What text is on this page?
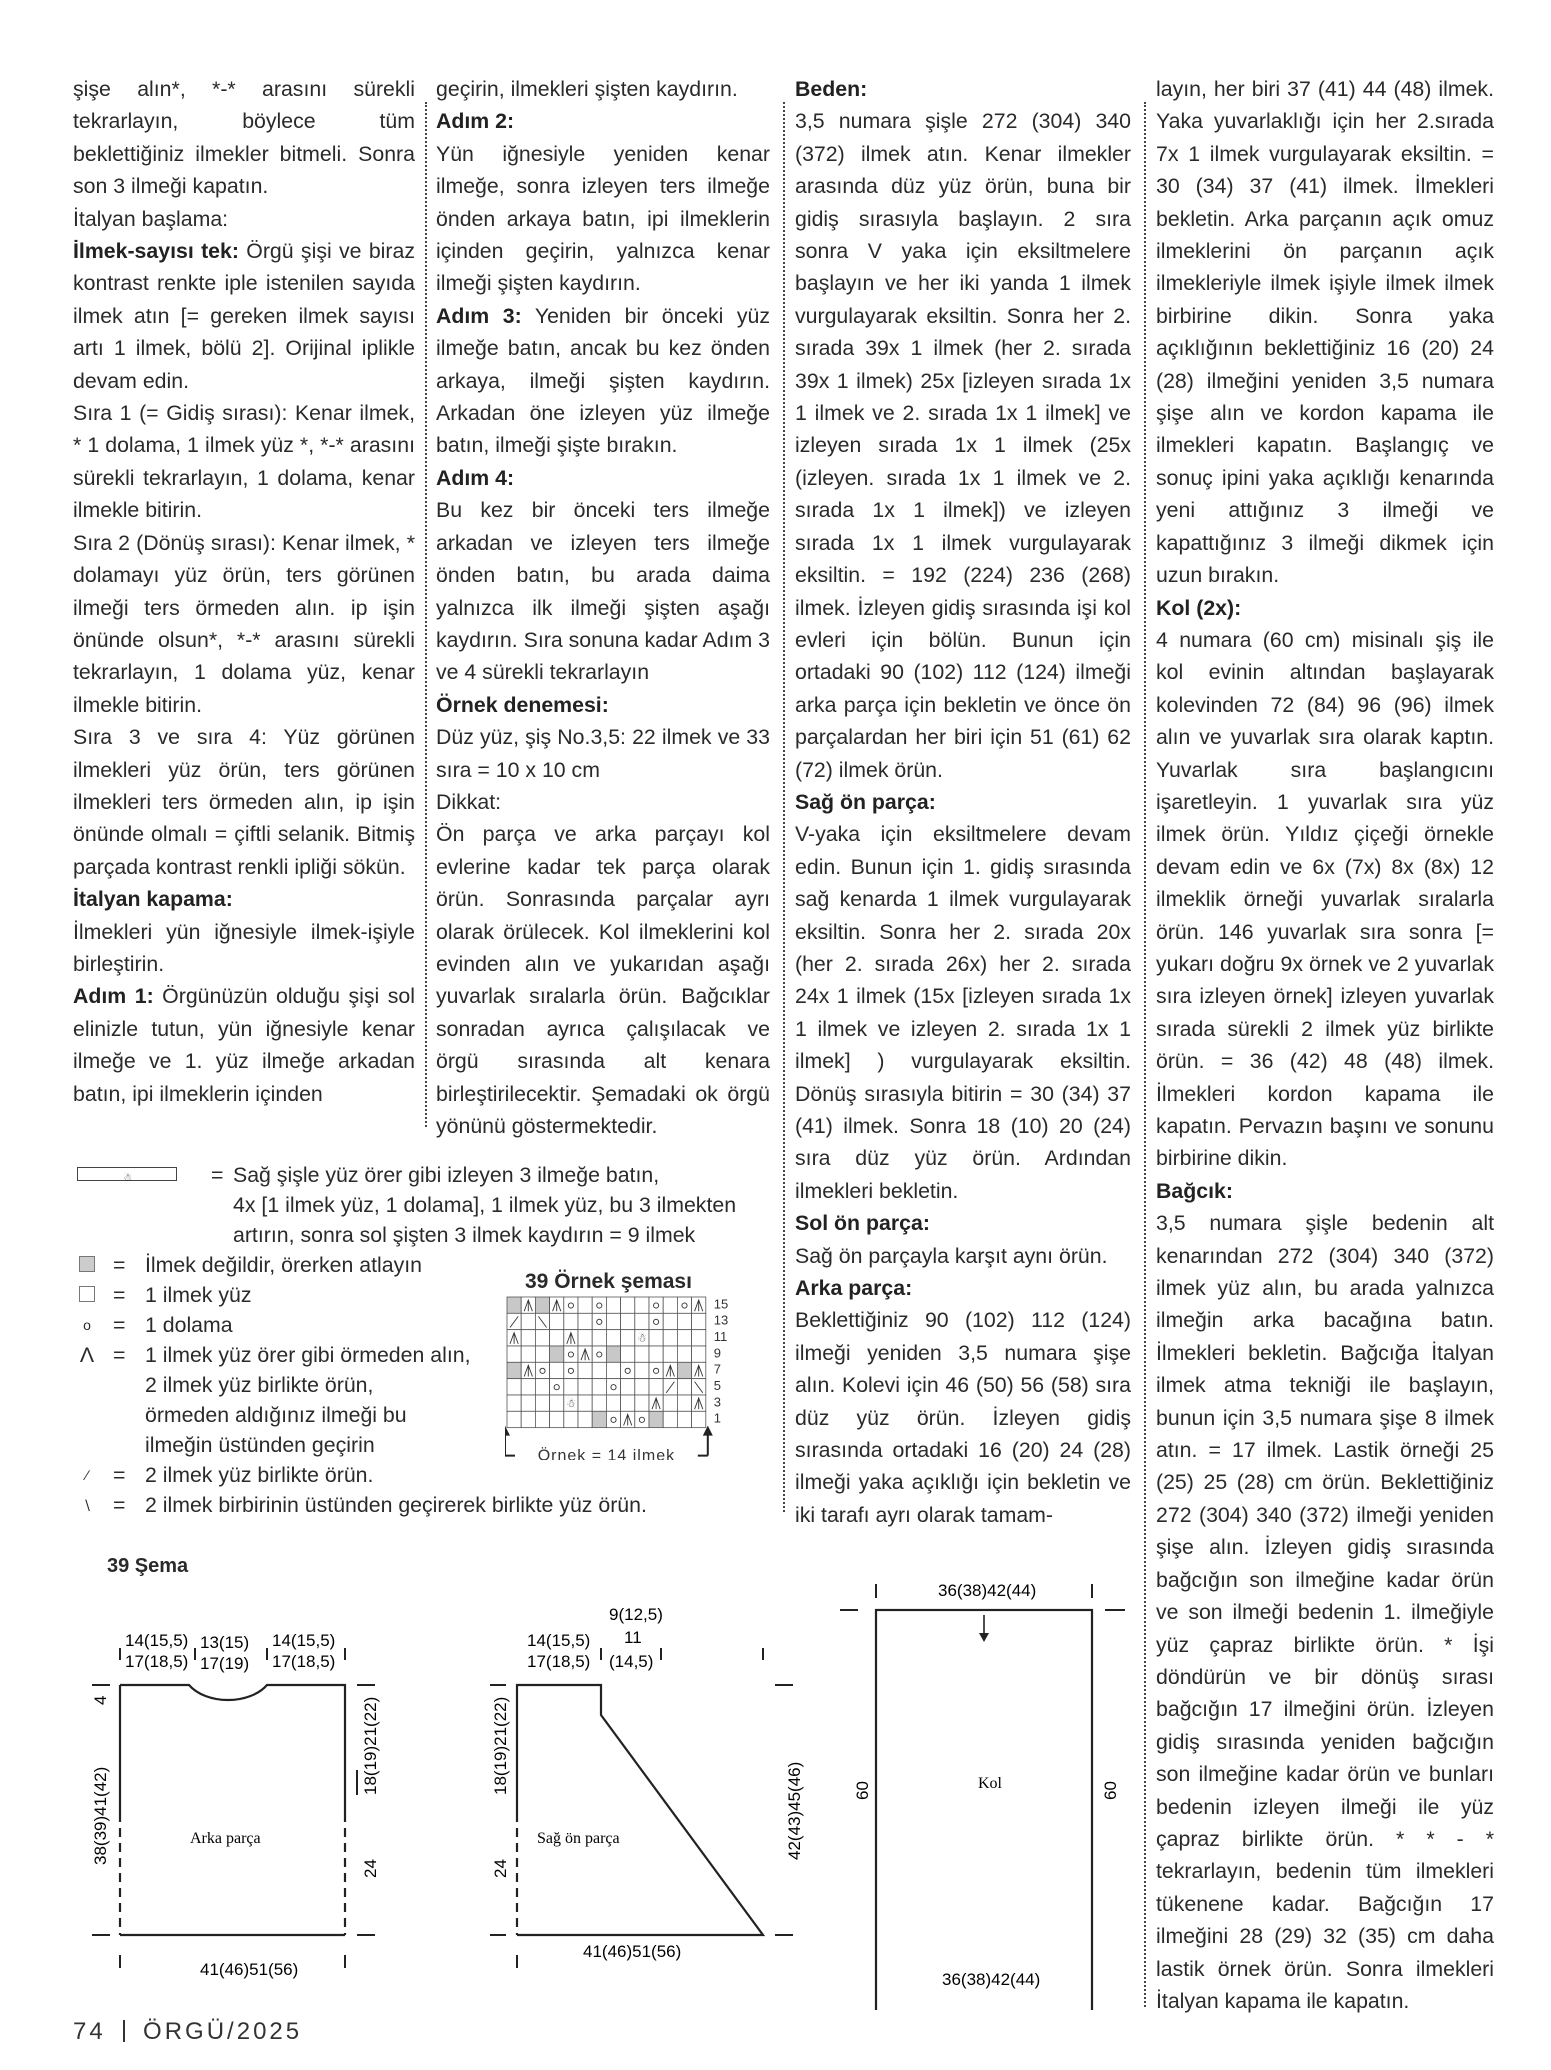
şişe alın*, *-* arasını sürekli tekrarlayın, böylece tüm beklettiğiniz ilmekler bitmeli. Sonra son 3 ilmeği kapatın.

İtalyan başlama:

İlmek-sayısı tek: Örgü şişi ve biraz kontrast renkte iple istenilen sayıda ilmek atın [= gereken ilmek sayısı artı 1 ilmek, bölü 2]. Orijinal iplikle devam edin.

Sıra 1 (= Gidiş sırası): Kenar ilmek, * 1 dolama, 1 ilmek yüz *, *-* arasını sürekli tekrarlayın, 1 dolama, kenar ilmekle bitirin.

Sıra 2 (Dönüş sırası): Kenar ilmek, * dolamayı yüz örün, ters görünen ilmeği ters örmeden alın. ip işin önünde olsun*, *-* arasını sürekli tekrarlayın, 1 dolama yüz, kenar ilmekle bitirin.

Sıra 3 ve sıra 4: Yüz görünen ilmekleri yüz örün, ters görünen ilmekleri ters örmeden alın, ip işin önünde olmalı = çiftli selanik. Bitmiş parçada kontrast renkli ipliği sökün.

İtalyan kapama:

İlmekleri yün iğnesiyle ilmek-işiyle birleştirin.

Adım 1: Örgünüzün olduğu şişi sol elinizle tutun, yün iğnesiyle kenar ilmeğe ve 1. yüz ilmeğe arkadan batın, ipi ilmeklerin içinden

geçirin, ilmekleri şişten kaydırın.

Adım 2:

Yün iğnesiyle yeniden kenar ilmeğe, sonra izleyen ters ilmeğe önden arkaya batın, ipi ilmeklerin içinden geçirin, yalnızca kenar ilmeği şişten kaydırın.

Adım 3: Yeniden bir önceki yüz ilmeğe batın, ancak bu kez önden arkaya, ilmeği şişten kaydırın. Arkadan öne izleyen yüz ilmeğe batın, ilmeği şişte bırakın.

Adım 4:

Bu kez bir önceki ters ilmeğe arkadan ve izleyen ters ilmeğe önden batın, bu arada daima yalnızca ilk ilmeği şişten aşağı kaydırın. Sıra sonuna kadar Adım 3 ve 4 sürekli tekrarlayın

Örnek denemesi:

Düz yüz, şiş No.3,5: 22 ilmek ve 33 sıra = 10 x 10 cm

Dikkat:

Ön parça ve arka parçayı kol evlerine kadar tek parça olarak örün. Sonrasında parçalar ayrı olarak örülecek. Kol ilmeklerini kol evinden alın ve yukarıdan aşağı yuvarlak sıralarla örün. Bağcıklar sonradan ayrıca çalışılacak ve örgü sırasında alt kenara birleştirilecektir. Şemadaki ok örgü yönünü göstermektedir.

Beden:

3,5 numara şişle 272 (304) 340 (372) ilmek atın. Kenar ilmekler arasında düz yüz örün, buna bir gidiş sırasıyla başlayın. 2 sıra sonra V yaka için eksiltmelere başlayın ve her iki yanda 1 ilmek vurgulayarak eksiltin. Sonra her 2. sırada 39x 1 ilmek (her 2. sırada 39x 1 ilmek) 25x [izleyen sırada 1x 1 ilmek ve 2. sırada 1x 1 ilmek] ve izleyen sırada 1x 1 ilmek (25x (izleyen. sırada 1x 1 ilmek ve 2. sırada 1x 1 ilmek]) ve izleyen sırada 1x 1 ilmek vurgulayarak eksiltin. = 192 (224) 236 (268) ilmek. İzleyen gidiş sırasında işi kol evleri için bölün. Bunun için ortadaki 90 (102) 112 (124) ilmeği arka parça için bekletin ve önce ön parçalardan her biri için 51 (61) 62 (72) ilmek örün.

Sağ ön parça:

V-yaka için eksiltmelere devam edin. Bunun için 1. gidiş sırasında sağ kenarda 1 ilmek vurgulayarak eksiltin. Sonra her 2. sırada 20x (her 2. sırada 26x) her 2. sırada 24x 1 ilmek (15x [izleyen sırada 1x 1 ilmek ve izleyen 2. sırada 1x 1 ilmek] ) vurgulayarak eksiltin. Dönüş sırasıyla bitirin = 30 (34) 37 (41) ilmek. Sonra 18 (10) 20 (24) sıra düz yüz örün. Ardından ilmekleri bekletin.

Sol ön parça:

Sağ ön parçayla karşıt aynı örün.

Arka parça:

Beklettiğiniz 90 (102) 112 (124) ilmeği yeniden 3,5 numara şişe alın. Kolevi için 46 (50) 56 (58) sıra düz yüz örün. İzleyen gidiş sırasında ortadaki 16 (20) 24 (28) ilmeği yaka açıklığı için bekletin ve iki tarafı ayrı olarak tamam-

layın, her biri 37 (41) 44 (48) ilmek. Yaka yuvarlaklığı için her 2.sırada 7x 1 ilmek vurgulayarak eksiltin. = 30 (34) 37 (41) ilmek. İlmekleri bekletin. Arka parçanın açık omuz ilmeklerini ön parçanın açık ilmekleriyle ilmek işiyle ilmek ilmek birbirine dikin. Sonra yaka açıklığının beklettiğiniz 16 (20) 24 (28) ilmeğini yeniden 3,5 numara şişe alın ve kordon kapama ile ilmekleri kapatın. Başlangıç ve sonuç ipini yaka açıklığı kenarında yeni attığınız 3 ilmeği ve kapattığınız 3 ilmeği dikmek için uzun bırakın.

Kol (2x):

4 numara (60 cm) misinalı şiş ile kol evinin altından başlayarak kolevinden 72 (84) 96 (96) ilmek alın ve yuvarlak sıra olarak kaptın. Yuvarlak sıra başlangıcını işaretleyin. 1 yuvarlak sıra yüz ilmek örün. Yıldız çiçeği örnekle devam edin ve 6x (7x) 8x (8x) 12 ilmeklik örneği yuvarlak sıralarla örün. 146 yuvarlak sıra sonra [= yukarı doğru 9x örnek ve 2 yuvarlak sıra izleyen örnek] izleyen yuvarlak sırada sürekli 2 ilmek yüz birlikte örün. = 36 (42) 48 (48) ilmek. İlmekleri kordon kapama ile kapatın. Pervazın başını ve sonunu birbirine dikin.

Bağcık:

3,5 numara şişle bedenin alt kenarından 272 (304) 340 (372) ilmek yüz alın, bu arada yalnızca ilmeğin arka bacağına batın. İlmekleri bekletin. Bağcığa İtalyan ilmek atma tekniği ile başlayın, bunun için 3,5 numara şişe 8 ilmek atın. = 17 ilmek. Lastik örneği 25 (25) 25 (28) cm örün. Beklettiğiniz 272 (304) 340 (372) ilmeği yeniden şişe alın. İzleyen gidiş sırasında bağcığın son ilmeğine kadar örün ve son ilmeği bedenin 1. ilmeğiyle yüz çapraz birlikte örün. * İşi döndürün ve bir dönüş sırası bağcığın 17 ilmeğini örün. İzleyen gidiş sırasında yeniden bağcığın son ilmeğine kadar örün ve bunları bedenin izleyen ilmeği ile yüz çapraz birlikte örün. * * - * tekrarlayın, bedenin tüm ilmekleri tükenene kadar. Bağcığın 17 ilmeğini 28 (29) 32 (35) cm daha lastik örnek örün. Sonra ilmekleri İtalyan kapama ile kapatın.

☃	= Sağ şişle yüz örer gibi izleyen 3 ilmeğe batın,
4x [1 ilmek yüz, 1 dolama], 1 ilmek yüz, bu 3 ilmekten
artırın, sonra sol şişten 3 ilmek kaydırın = 9 ilmek
= İlmek değildir, örerken atlayın
= 1 ilmek yüz
o = 1 dolama
Λ = 1 ilmek yüz örer gibi örmeden alın,
2 ilmek yüz birlikte örün,
örmeden aldığınız ilmeği bu
ilmeğin üstünden geçirin
∕	= 2 ilmek yüz birlikte örün.
∖ = 2 ilmek birbirinin üstünden geçirerek birlikte yüz örün.
39 Örnek şeması
☃
☃
15
13
11
9
7
5
3
1
Örnek = 14 ilmek
39 Şema
14(15,5)
17(18,5)
13(15)
17(19)
14(15,5)
17(18,5)
Arka parça
41(46)51(56)
4
38(39)41(42)
18(19)21(22)
24
14(15,5)
17(18,5)
9(12,5)
11
(14,5)
Sağ ön parça
41(46)51(56)
18(19)21(22)
24
42(43)45(46)
36(38)42(44)
Kol
60	60
36(38)42(44)
74 ÖRGÜ/2025
